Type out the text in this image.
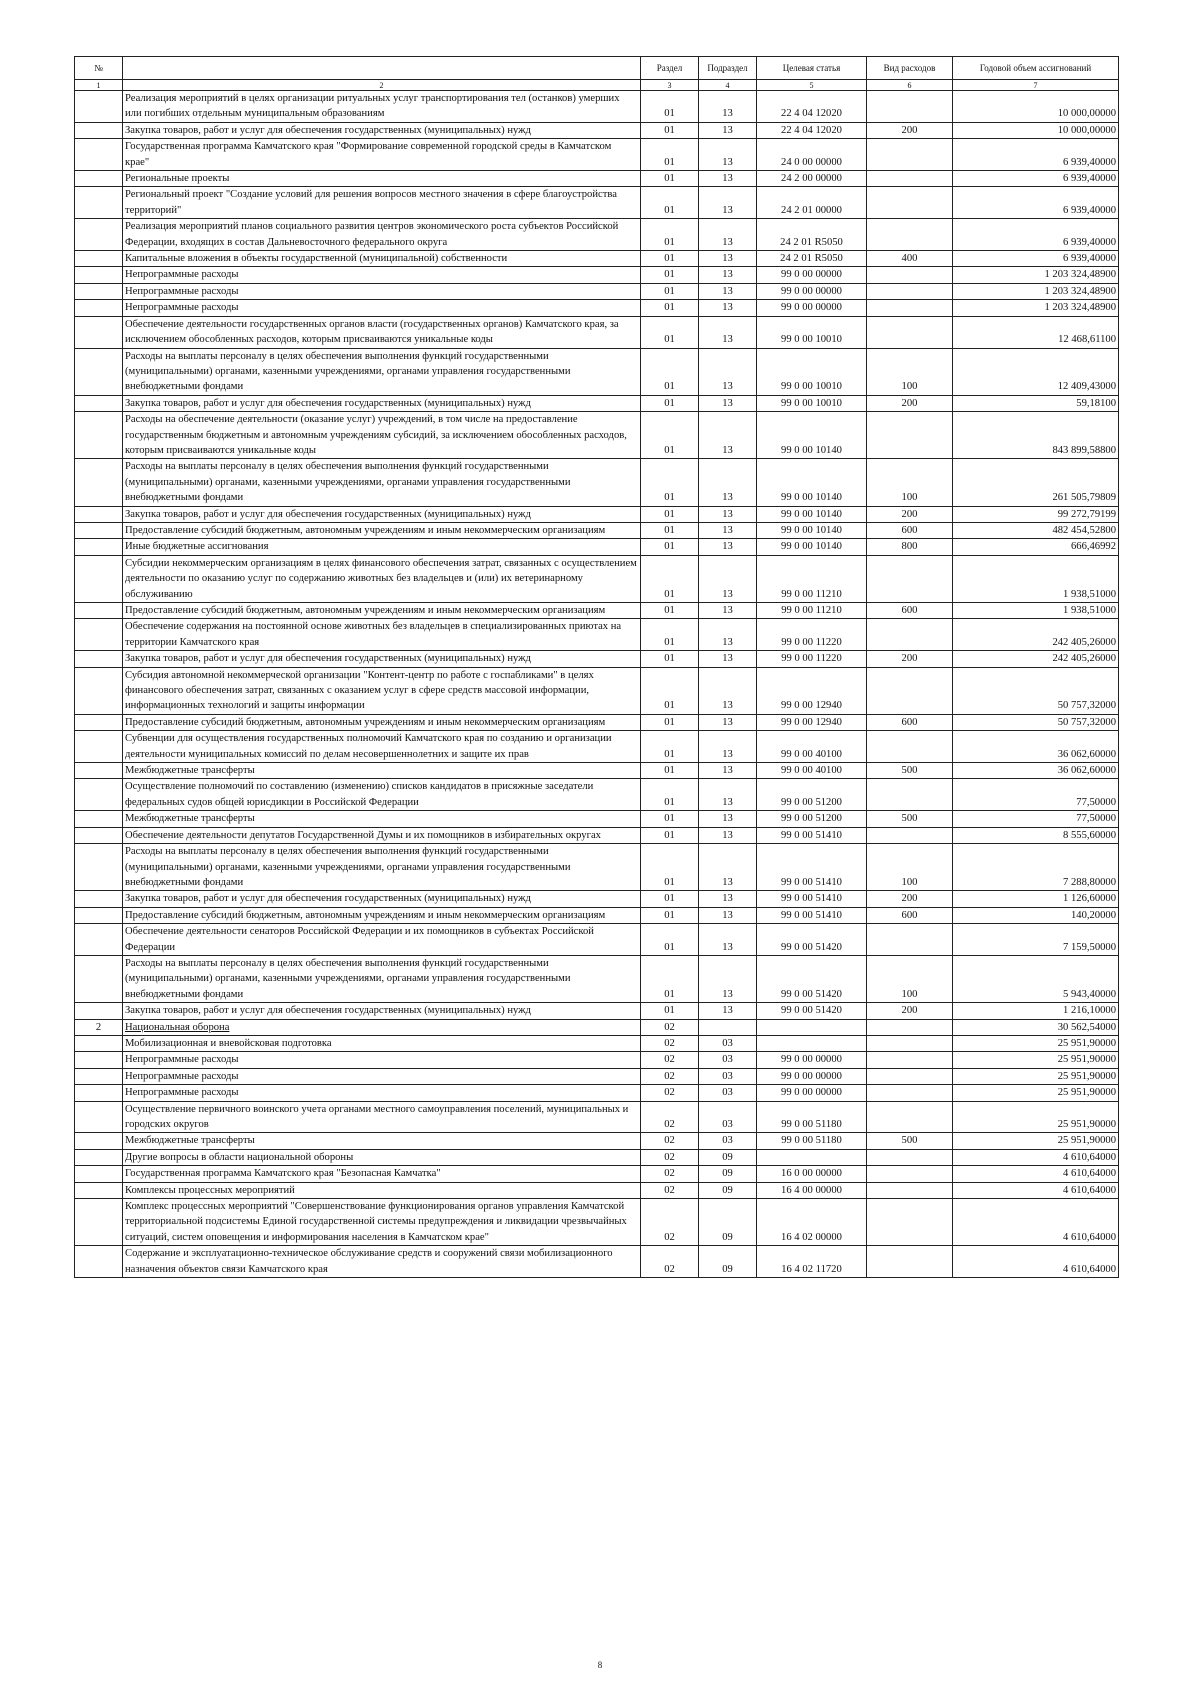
№		Раздел	Подраздел	Целевая статья	Вид расходов	Годовой объем ассигнований
1	2	3	4	5	6	7
	Реализация мероприятий в целях организации ритуальных услуг транспортирования тел (останков) умерших или погибших отдельным муниципальным образованиям	01	13	22 4 04 12020		10 000,00000
	Закупка товаров, работ и услуг для обеспечения государственных (муниципальных) нужд	01	13	22 4 04 12020	200	10 000,00000
	Государственная программа Камчатского края "Формирование современной городской среды в Камчатском крае"	01	13	24 0 00 00000		6 939,40000
	Региональные проекты	01	13	24 2 00 00000		6 939,40000
	Региональный проект "Создание условий для решения вопросов местного значения в сфере благоустройства территорий"	01	13	24 2 01 00000		6 939,40000
	Реализация мероприятий планов социального развития центров экономического роста субъектов Российской Федерации, входящих в состав Дальневосточного федерального округа	01	13	24 2 01 R5050		6 939,40000
	Капитальные вложения в объекты государственной (муниципальной) собственности	01	13	24 2 01 R5050	400	6 939,40000
	Непрограммные расходы	01	13	99 0 00 00000		1 203 324,48900
	Непрограммные расходы	01	13	99 0 00 00000		1 203 324,48900
	Непрограммные расходы	01	13	99 0 00 00000		1 203 324,48900
	Обеспечение деятельности государственных органов власти (государственных органов) Камчатского края, за исключением обособленных расходов, которым присваиваются уникальные коды	01	13	99 0 00 10010		12 468,61100
	Расходы на выплаты персоналу в целях обеспечения выполнения функций государственными (муниципальными) органами, казенными учреждениями, органами управления государственными внебюджетными фондами	01	13	99 0 00 10010	100	12 409,43000
	Закупка товаров, работ и услуг для обеспечения государственных (муниципальных) нужд	01	13	99 0 00 10010	200	59,18100
	Расходы на обеспечение деятельности (оказание услуг) учреждений, в том числе на предоставление государственным бюджетным и автономным учреждениям субсидий, за исключением обособленных расходов, которым присваиваются уникальные коды	01	13	99 0 00 10140		843 899,58800
	Расходы на выплаты персоналу в целях обеспечения выполнения функций государственными (муниципальными) органами, казенными учреждениями, органами управления государственными внебюджетными фондами	01	13	99 0 00 10140	100	261 505,79809
	Закупка товаров, работ и услуг для обеспечения государственных (муниципальных) нужд	01	13	99 0 00 10140	200	99 272,79199
	Предоставление субсидий бюджетным, автономным учреждениям и иным некоммерческим организациям	01	13	99 0 00 10140	600	482 454,52800
	Иные бюджетные ассигнования	01	13	99 0 00 10140	800	666,46992
	Субсидии некоммерческим организациям в целях финансового обеспечения затрат, связанных с осуществлением деятельности по оказанию услуг по содержанию животных без владельцев и (или) их ветеринарному обслуживанию	01	13	99 0 00 11210		1 938,51000
	Предоставление субсидий бюджетным, автономным учреждениям и иным некоммерческим организациям	01	13	99 0 00 11210	600	1 938,51000
	Обеспечение содержания на постоянной основе животных без владельцев в специализированных приютах на территории Камчатского края	01	13	99 0 00 11220		242 405,26000
	Закупка товаров, работ и услуг для обеспечения государственных (муниципальных) нужд	01	13	99 0 00 11220	200	242 405,26000
	Субсидия автономной некоммерческой организации "Контент-центр по работе с госпабликами" в целях финансового обеспечения затрат, связанных с оказанием услуг в сфере средств массовой информации, информационных технологий и защиты информации	01	13	99 0 00 12940		50 757,32000
	Предоставление субсидий бюджетным, автономным учреждениям и иным некоммерческим организациям	01	13	99 0 00 12940	600	50 757,32000
	Субвенции для осуществления государственных полномочий Камчатского края по созданию и организации деятельности муниципальных комиссий по делам несовершеннолетних и защите их прав	01	13	99 0 00 40100		36 062,60000
	Межбюджетные трансферты	01	13	99 0 00 40100	500	36 062,60000
	Осуществление полномочий по составлению (изменению) списков кандидатов в присяжные заседатели федеральных судов общей юрисдикции в Российской Федерации	01	13	99 0 00 51200		77,50000
	Межбюджетные трансферты	01	13	99 0 00 51200	500	77,50000
	Обеспечение деятельности депутатов Государственной Думы и их помощников в избирательных округах	01	13	99 0 00 51410		8 555,60000
	Расходы на выплаты персоналу в целях обеспечения выполнения функций государственными (муниципальными) органами, казенными учреждениями, органами управления государственными внебюджетными фондами	01	13	99 0 00 51410	100	7 288,80000
	Закупка товаров, работ и услуг для обеспечения государственных (муниципальных) нужд	01	13	99 0 00 51410	200	1 126,60000
	Предоставление субсидий бюджетным, автономным учреждениям и иным некоммерческим организациям	01	13	99 0 00 51410	600	140,20000
	Обеспечение деятельности сенаторов Российской Федерации и их помощников в субъектах Российской Федерации	01	13	99 0 00 51420		7 159,50000
	Расходы на выплаты персоналу в целях обеспечения выполнения функций государственными (муниципальными) органами, казенными учреждениями, органами управления государственными внебюджетными фондами	01	13	99 0 00 51420	100	5 943,40000
	Закупка товаров, работ и услуг для обеспечения государственных (муниципальных) нужд	01	13	99 0 00 51420	200	1 216,10000
2	Национальная оборона	02				30 562,54000
	Мобилизационная и вневойсковая подготовка	02	03			25 951,90000
	Непрограммные расходы	02	03	99 0 00 00000		25 951,90000
	Непрограммные расходы	02	03	99 0 00 00000		25 951,90000
	Непрограммные расходы	02	03	99 0 00 00000		25 951,90000
	Осуществление первичного воинского учета органами местного самоуправления поселений, муниципальных и городских округов	02	03	99 0 00 51180		25 951,90000
	Межбюджетные трансферты	02	03	99 0 00 51180	500	25 951,90000
	Другие вопросы в области национальной обороны	02	09			4 610,64000
	Государственная программа Камчатского края "Безопасная Камчатка"	02	09	16 0 00 00000		4 610,64000
	Комплексы процессных мероприятий	02	09	16 4 00 00000		4 610,64000
	Комплекс процессных мероприятий "Совершенствование функционирования органов управления Камчатской территориальной подсистемы Единой государственной системы предупреждения и ликвидации чрезвычайных ситуаций, систем оповещения и информирования населения в Камчатском крае"	02	09	16 4 02 00000		4 610,64000
	Содержание и эксплуатационно-техническое обслуживание средств и сооружений связи мобилизационного назначения объектов связи Камчатского края	02	09	16 4 02 11720		4 610,64000
8
